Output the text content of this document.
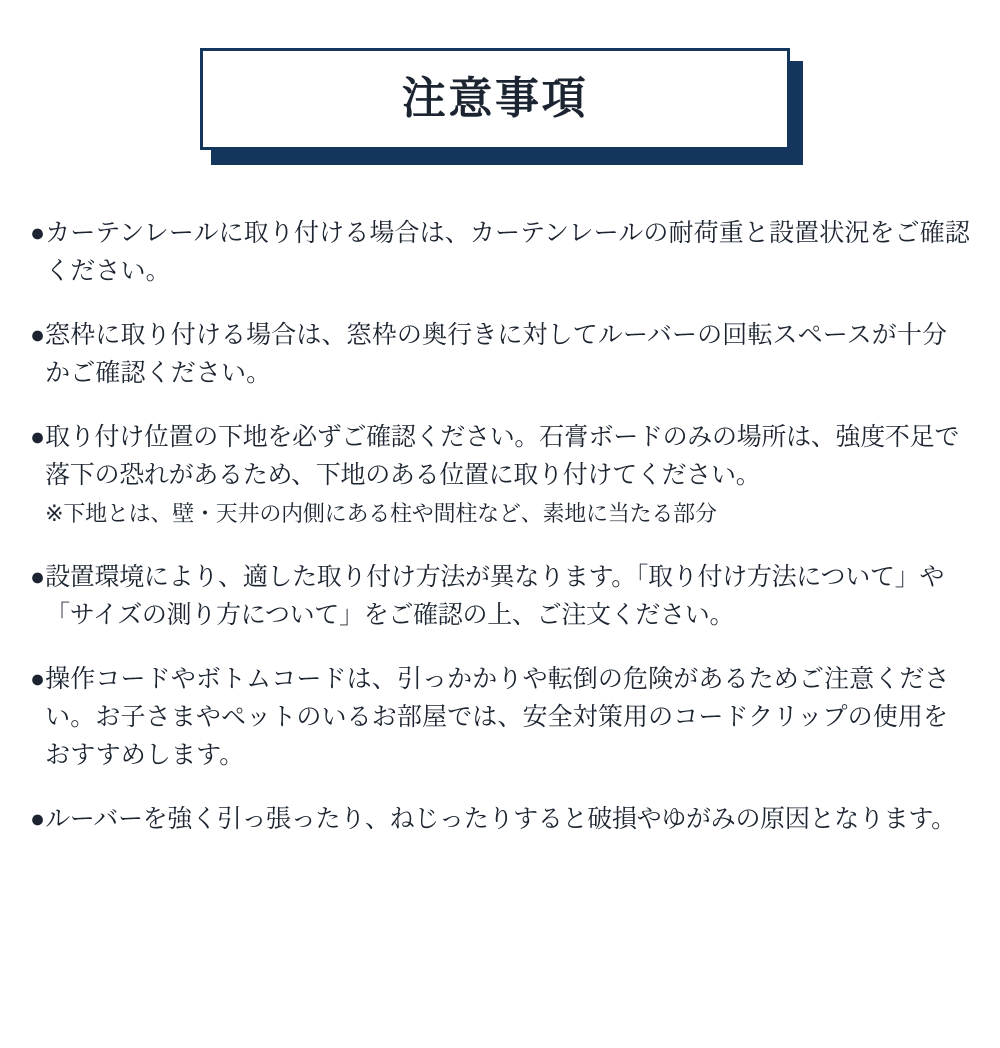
注意事項
● カーテンレールに取り付ける場合は、カーテンレールの耐荷重と設置状況をご確認ください。
● 窓枠に取り付ける場合は、窓枠の奥行きに対してルーバーの回転スペースが十分かご確認ください。
● 取り付け位置の下地を必ずご確認ください。石膏ボードのみの場所は、強度不足で落下の恐れがあるため、下地のある位置に取り付けてください。
※下地とは、壁・天井の内側にある柱や間柱など、素地に当たる部分
● 設置環境により、適した取り付け方法が異なります。「取り付け方法について」や「サイズの測り方について」をご確認の上、ご注文ください。
● 操作コードやボトムコードは、引っかかりや転倒の危険があるためご注意ください。お子さまやペットのいるお部屋では、安全対策用のコードクリップの使用をおすすめします。
● ルーバーを強く引っ張ったり、ねじったりすると破損やゆがみの原因となります。
